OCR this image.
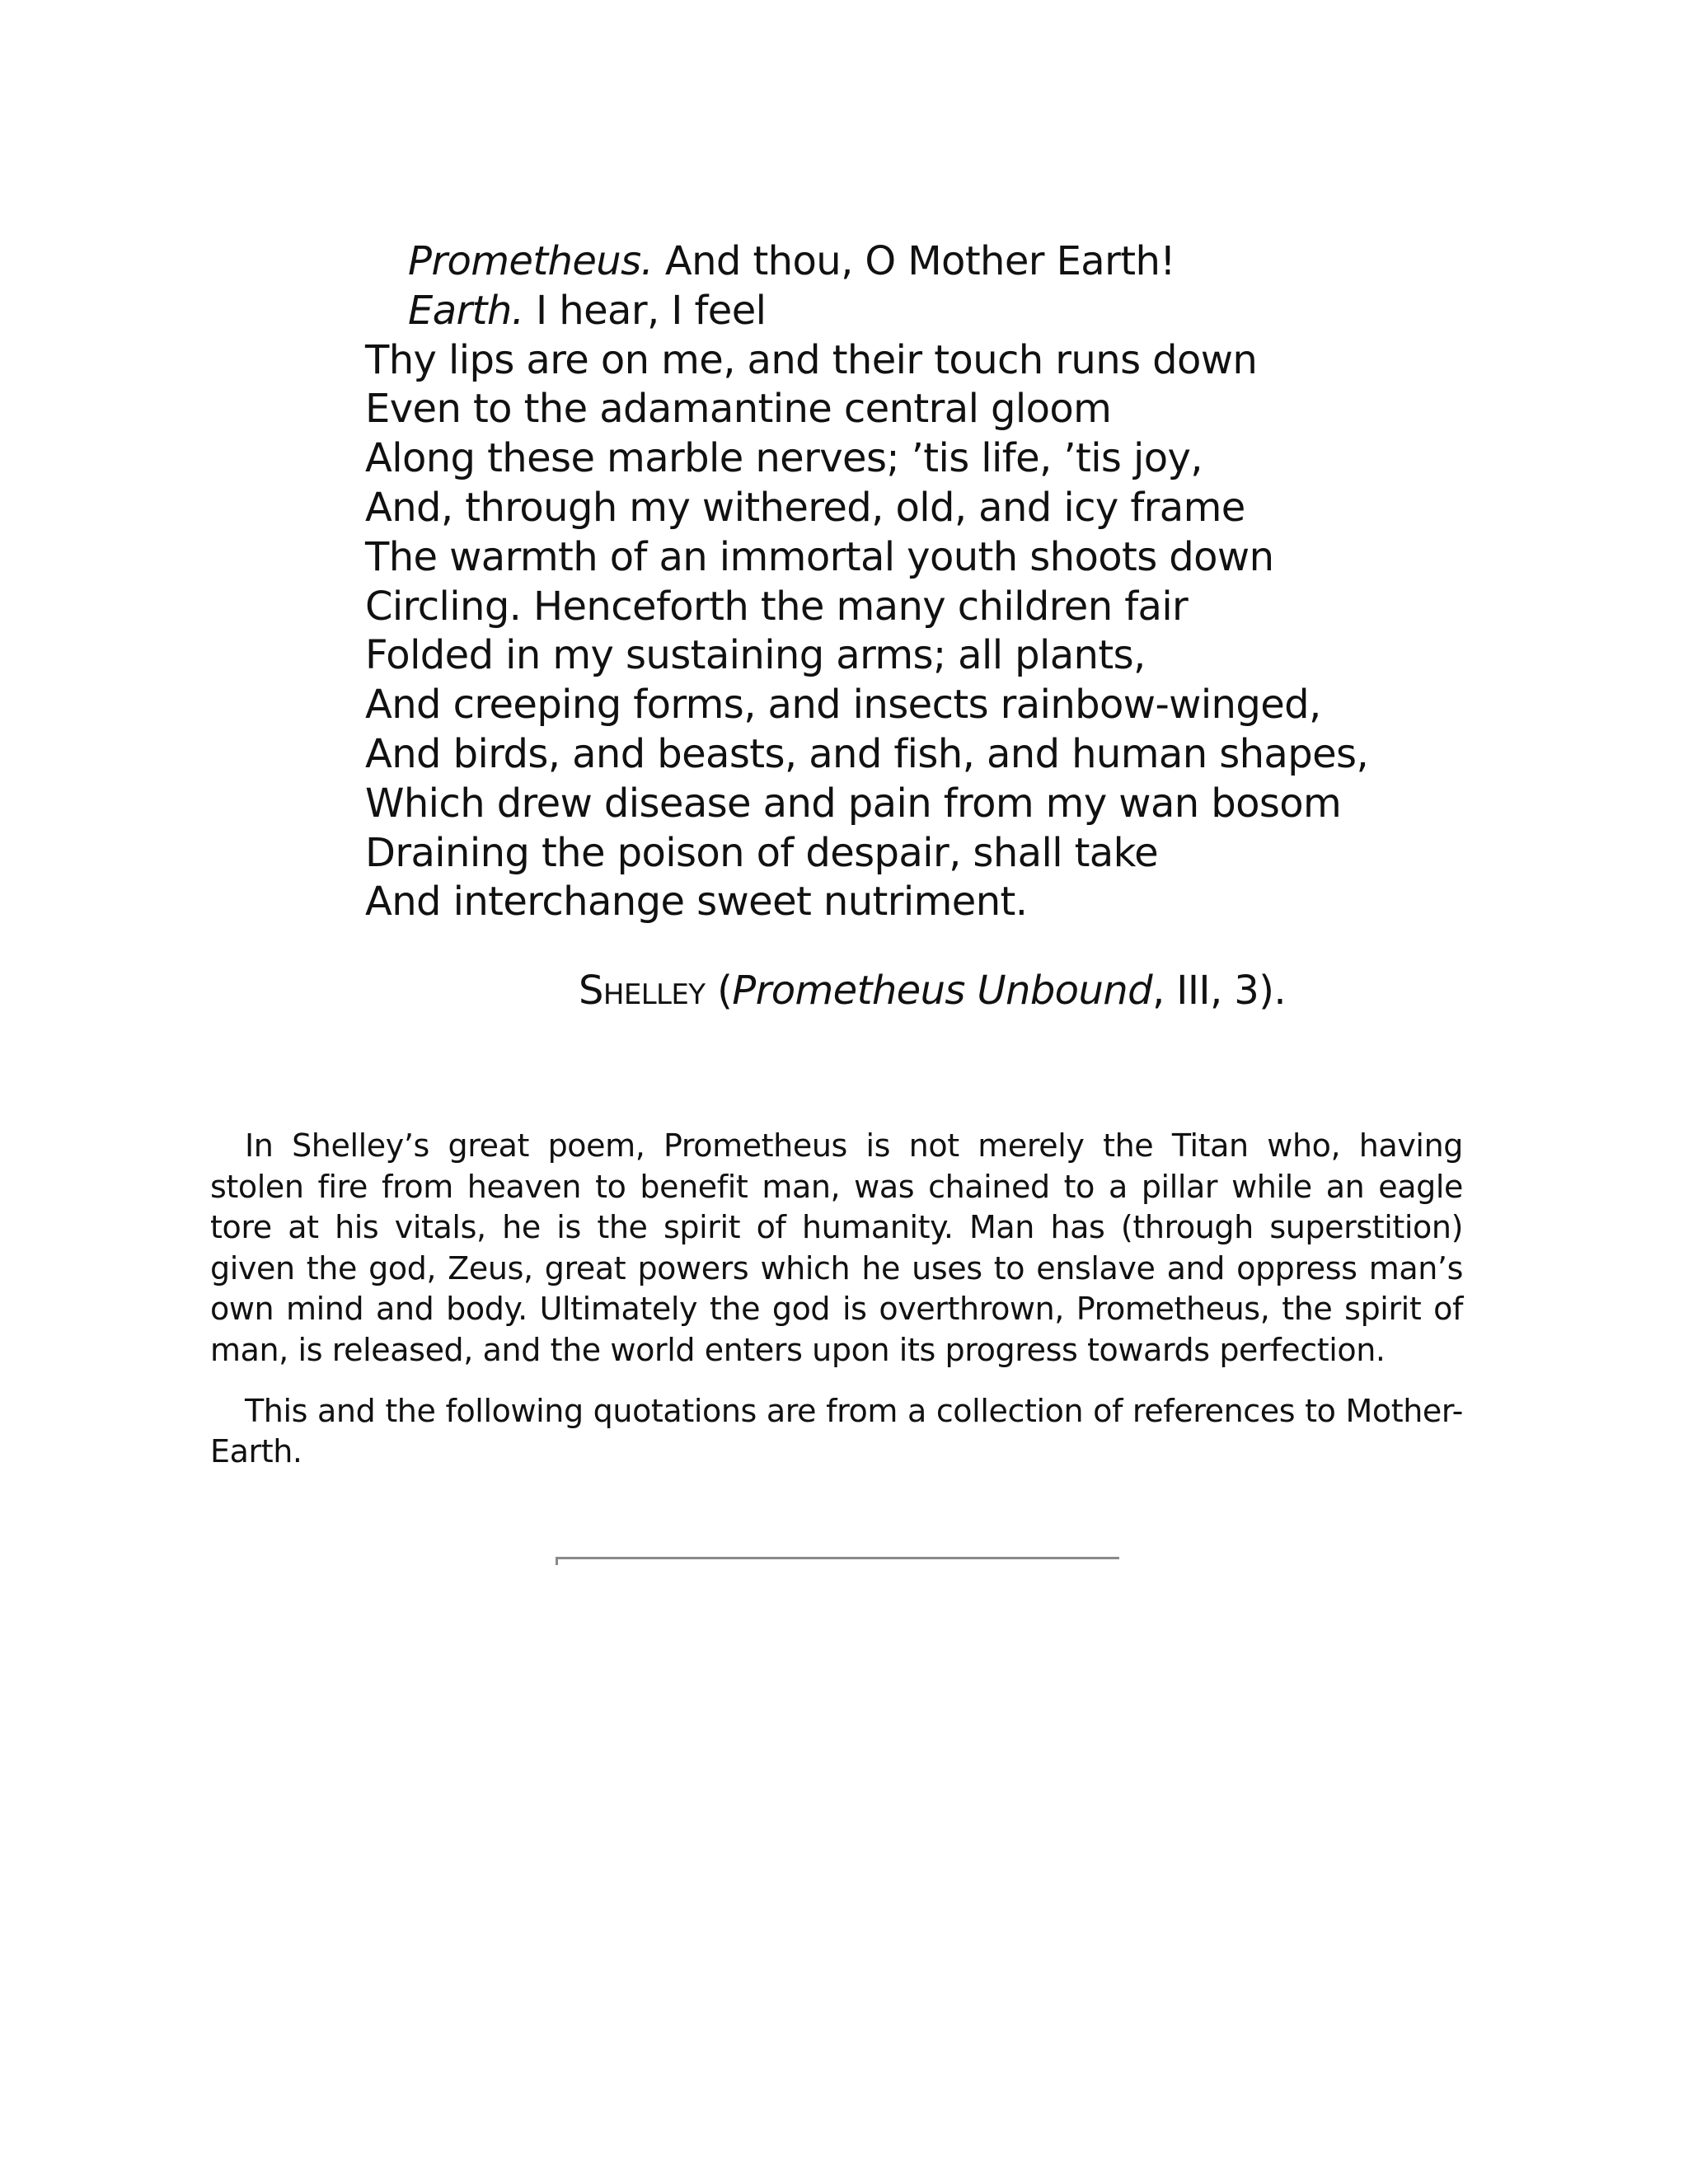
Prometheus. And thou, O Mother Earth!
Earth. I hear, I feel
Thy lips are on me, and their touch runs down
Even to the adamantine central gloom
Along these marble nerves; ’tis life, ’tis joy,
And, through my withered, old, and icy frame
The warmth of an immortal youth shoots down
Circling. Henceforth the many children fair
Folded in my sustaining arms; all plants,
And creeping forms, and insects rainbow-winged,
And birds, and beasts, and fish, and human shapes,
Which drew disease and pain from my wan bosom
Draining the poison of despair, shall take
And interchange sweet nutriment.
Shelley (Prometheus Unbound, III, 3).

In Shelley’s great poem, Prometheus is not merely the Titan who, having stolen fire from heaven to benefit man, was chained to a pillar while an eagle tore at his vitals, he is the spirit of humanity. Man has (through superstition) given the god, Zeus, great powers which he uses to enslave and oppress man’s own mind and body. Ultimately the god is overthrown, Prometheus, the spirit of man, is released, and the world enters upon its progress towards perfection.

This and the following quotations are from a collection of references to Mother-Earth.
